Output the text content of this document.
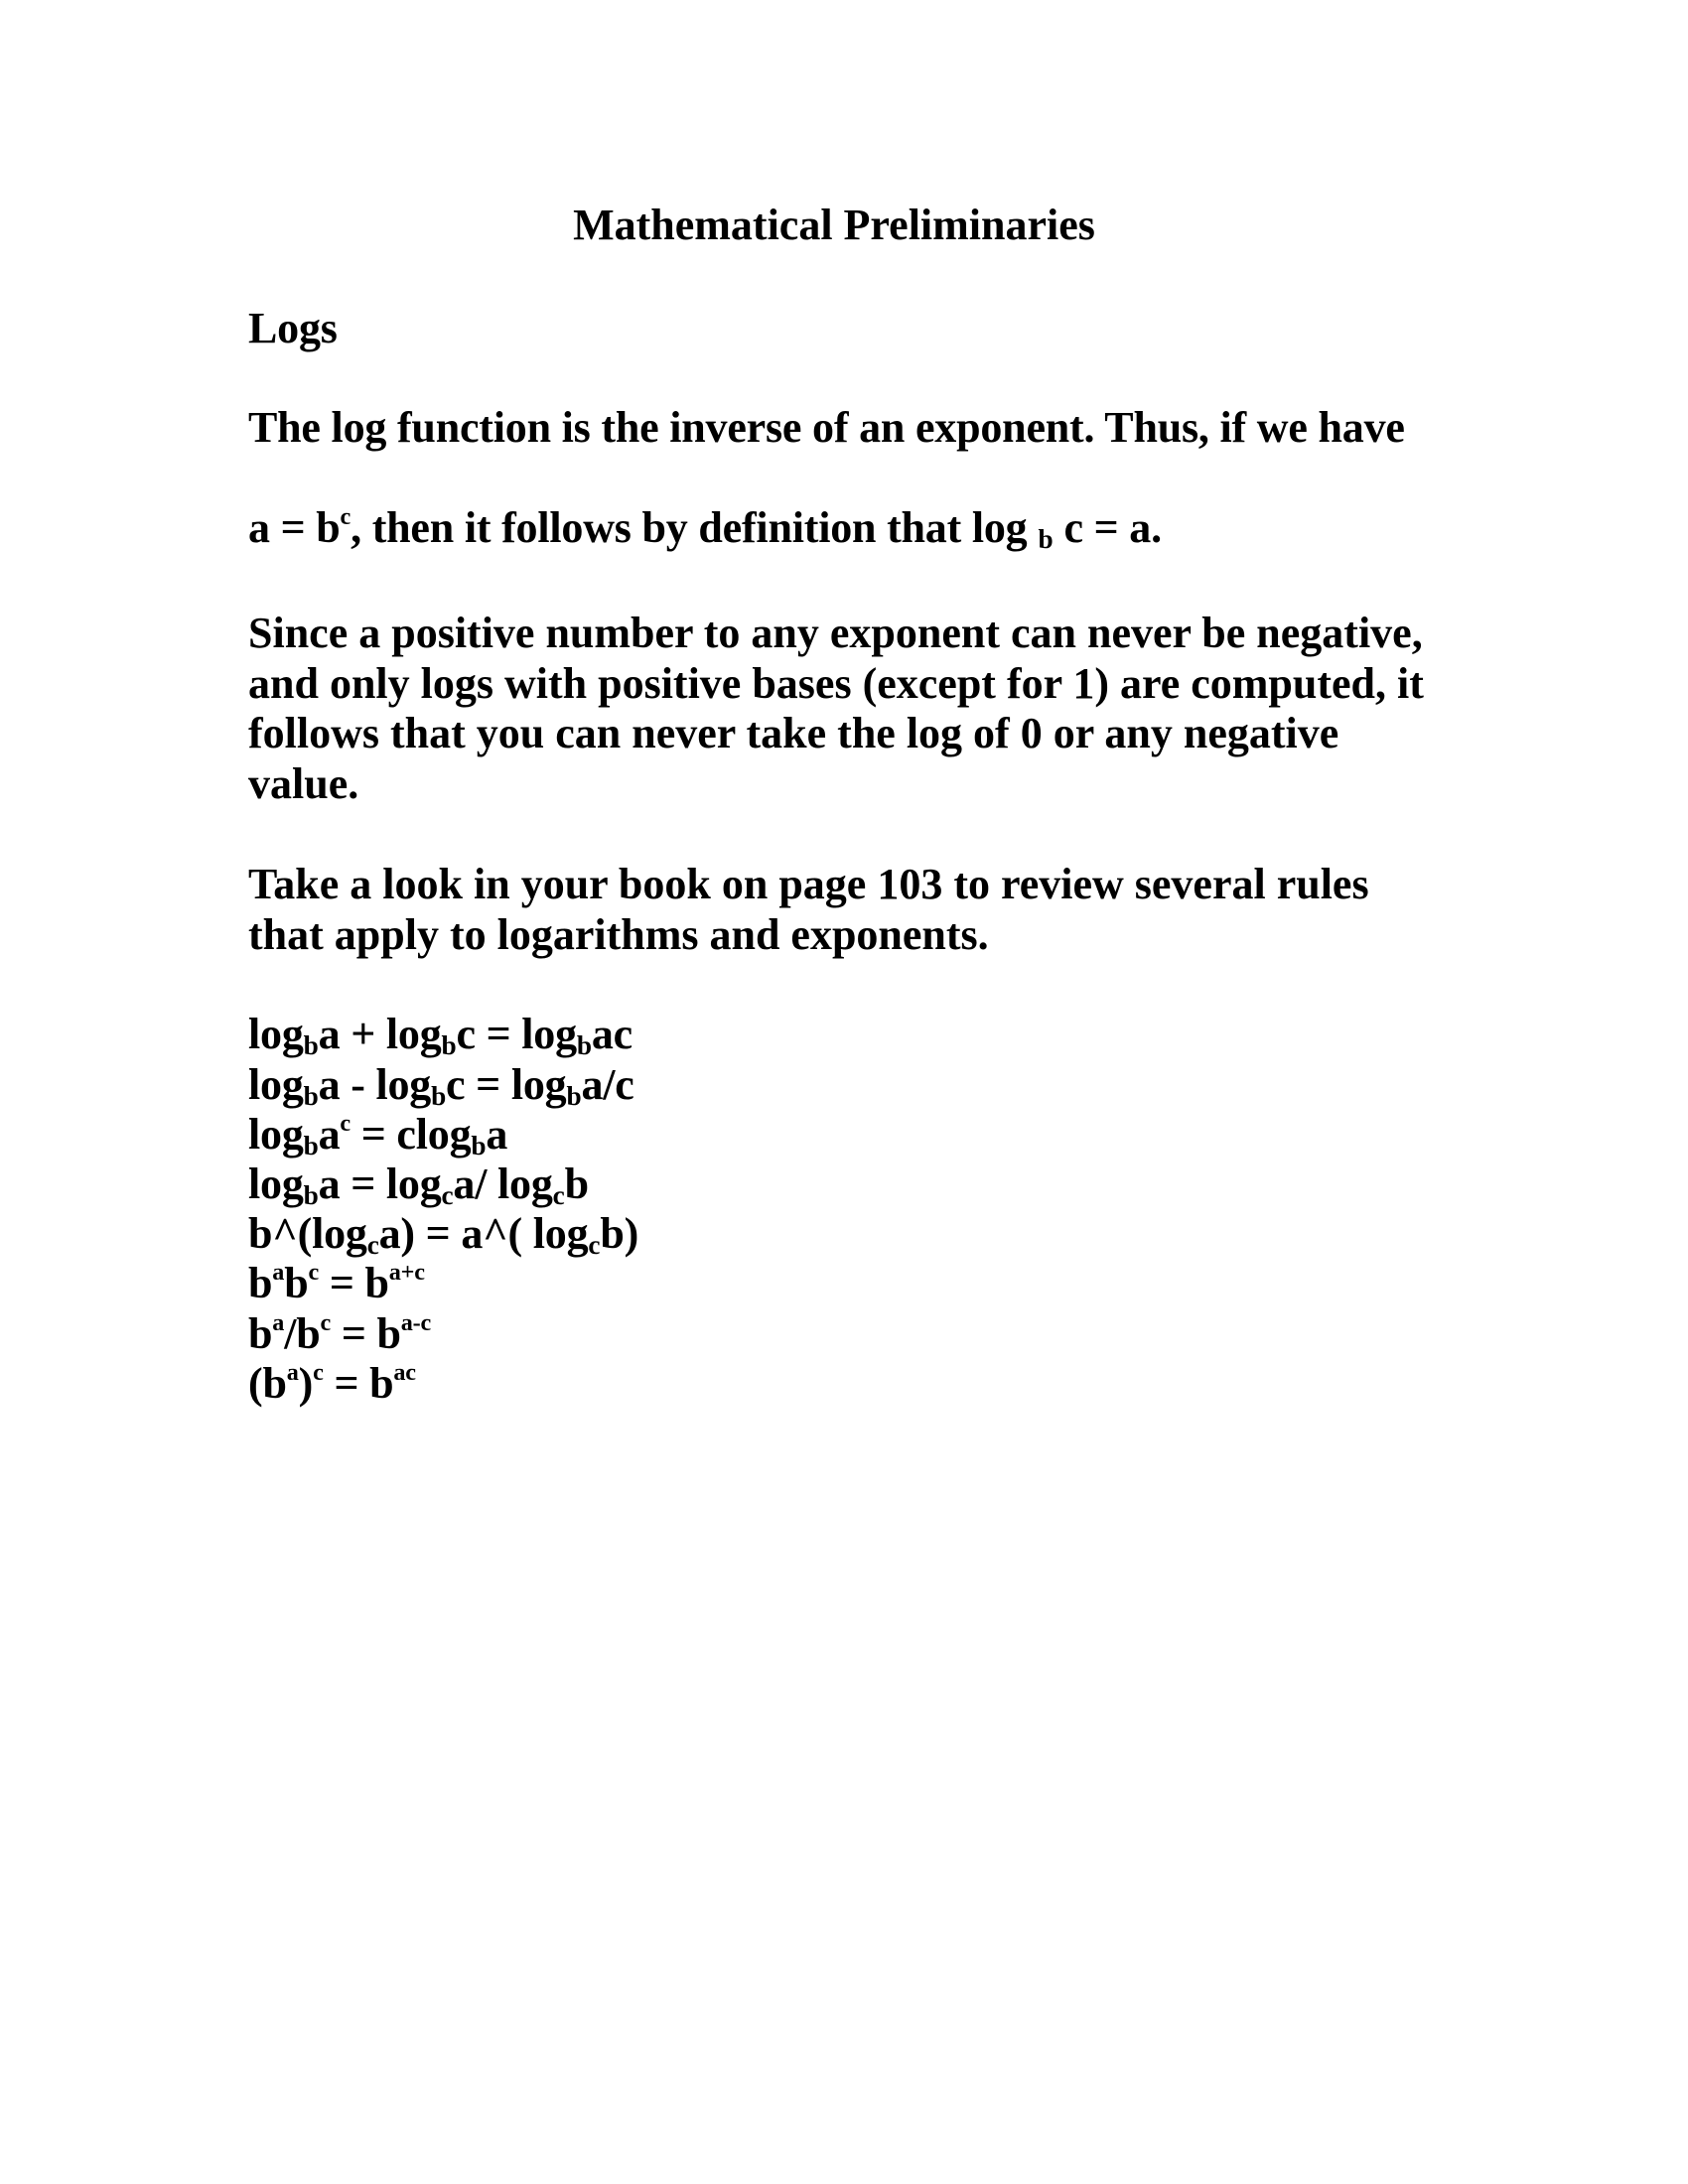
Mathematical Preliminaries
Logs
The log function is the inverse of an exponent. Thus, if we have
$a = b^c$, then it follows by definition that log $_b$ c = a.
Since a positive number to any exponent can never be negative,
and only logs with positive bases (except for 1) are computed, it
follows that you can never take the log of 0 or any negative
value.
Take a look in your book on page 103 to review several rules
that apply to logarithms and exponents.
$\log_ba + \log_bc = \log_bac$
$\log_ba - \log_bc = \log_ba/c$
$\log_ba^c = clog_ba$
$\log_ba = \log_ca/$ $\log_cb$
$b\^{}(\log_ca)$ = a^( $\log_cb$)
$b^ab^c = b^{a+c}$
$b^a/b^c = b^{a-c}$
$(b^a)^c = b^{ac}$
